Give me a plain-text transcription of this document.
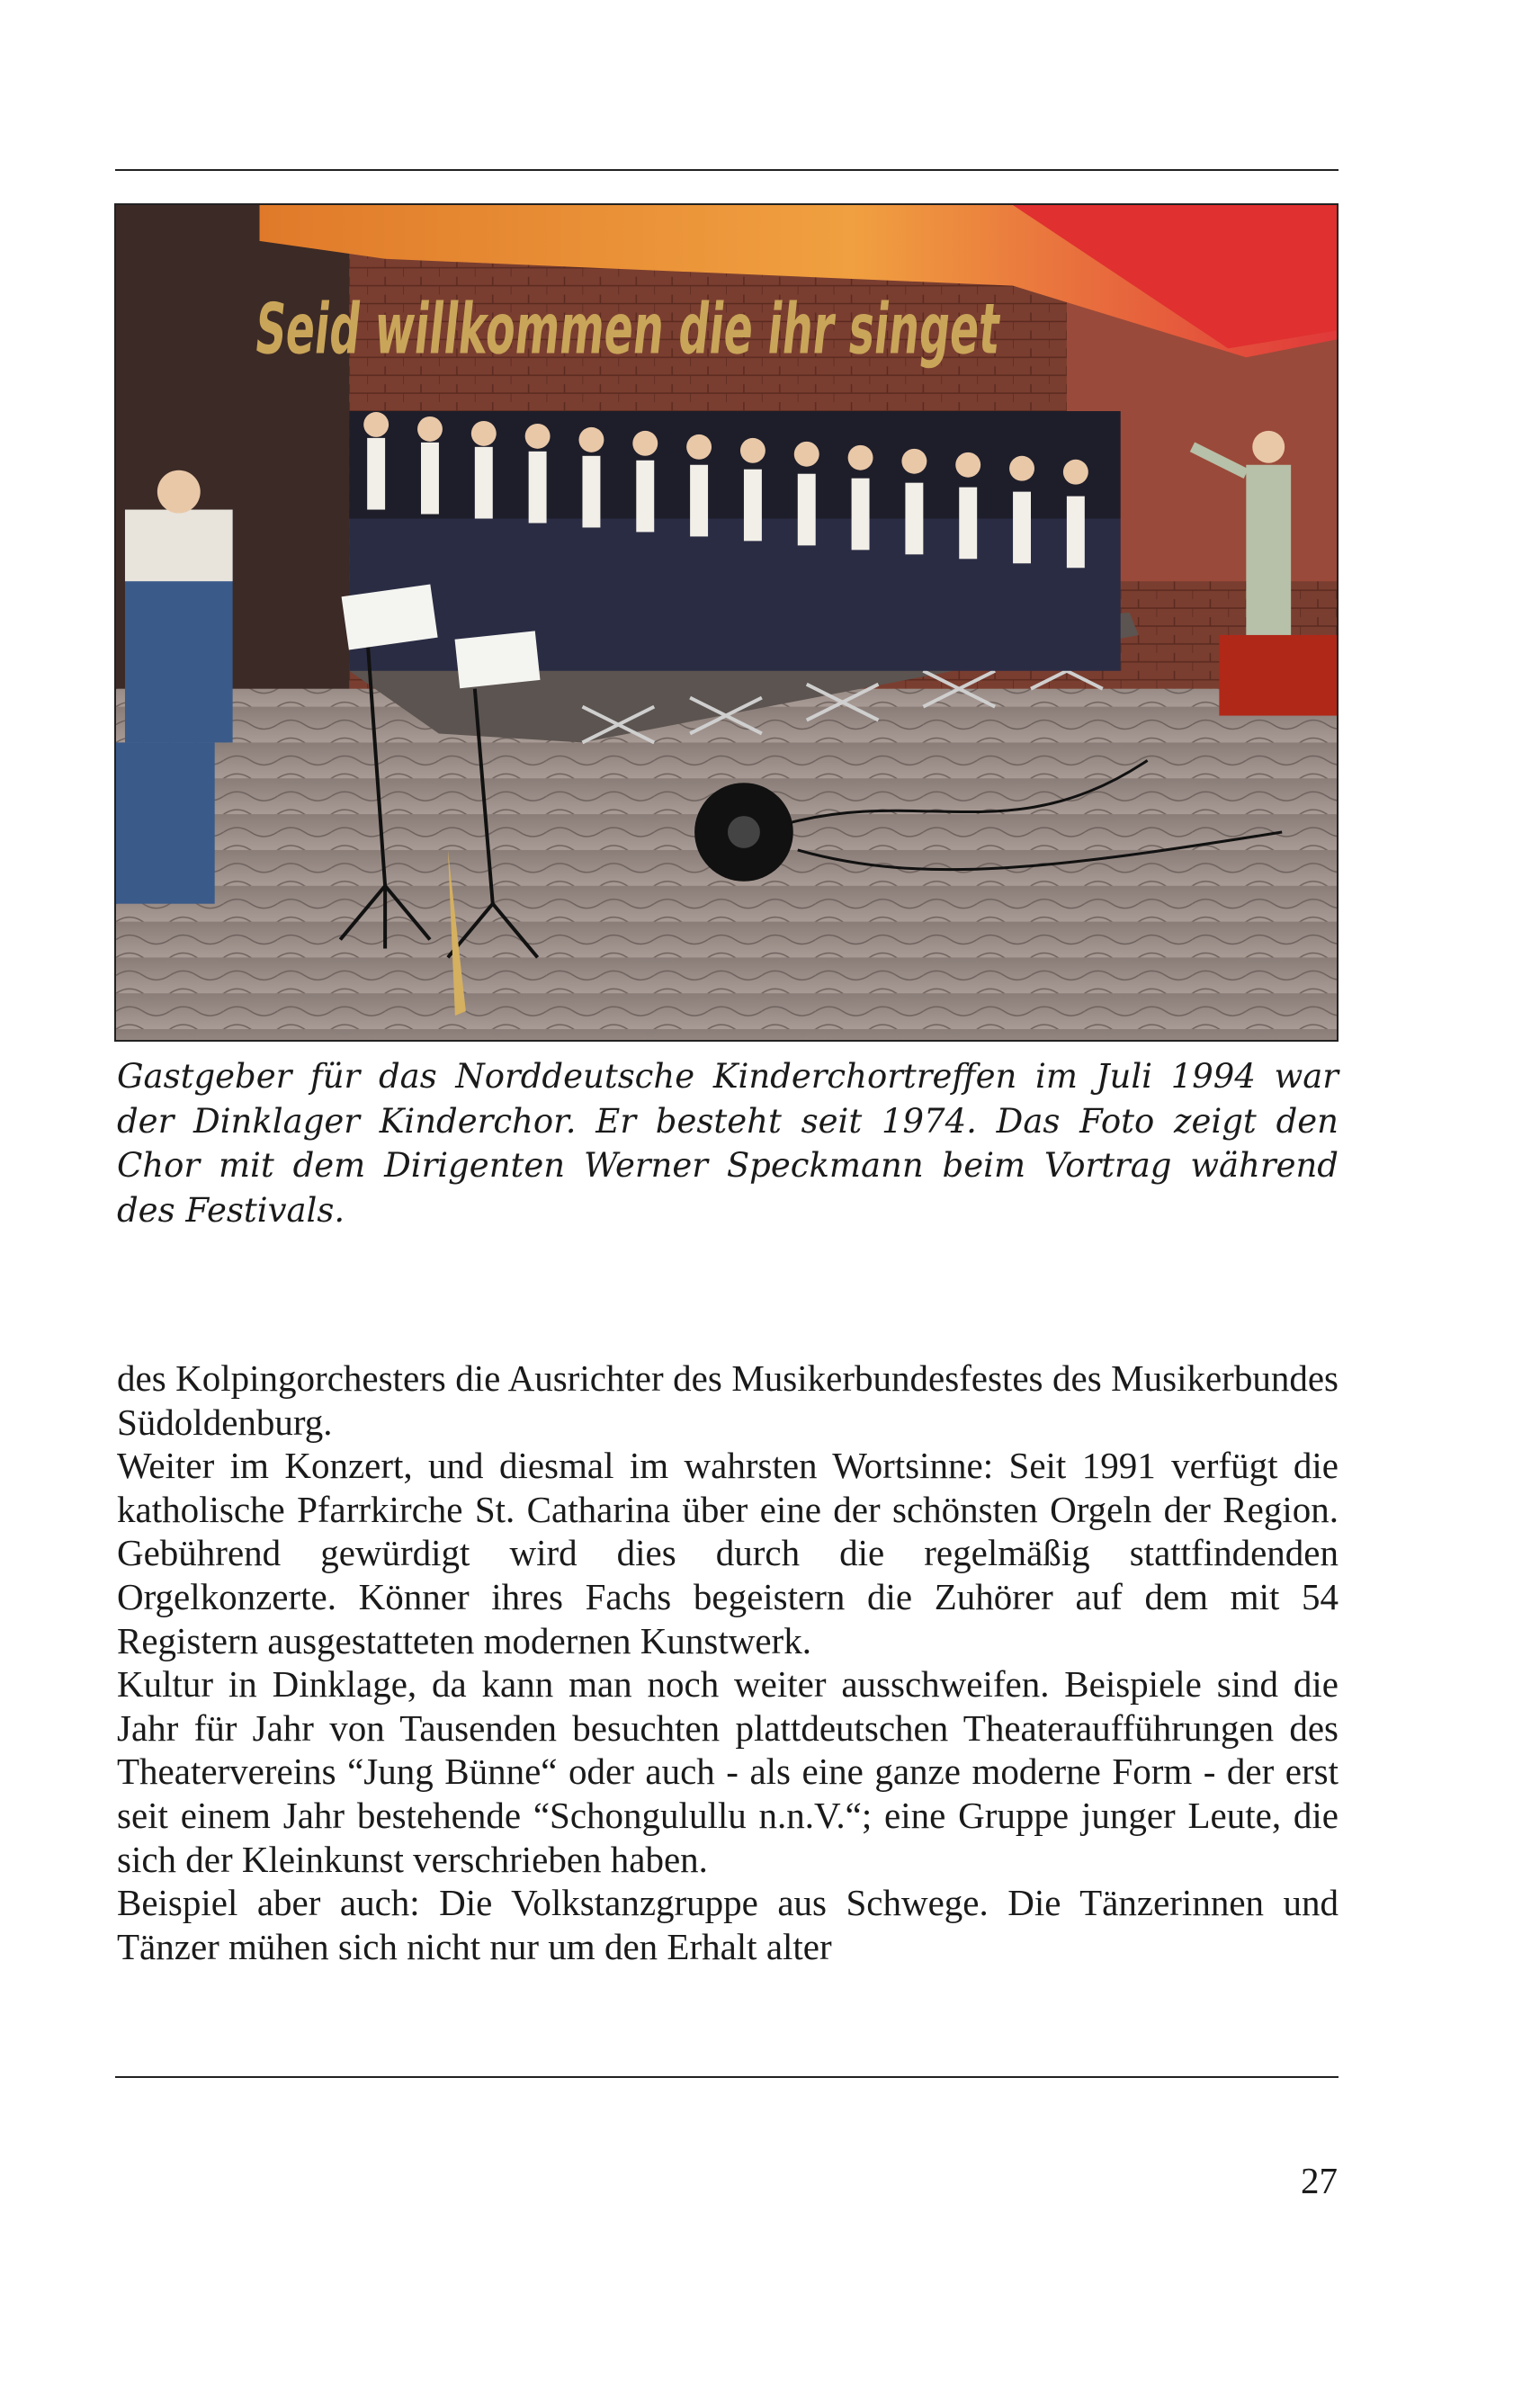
Seid willkommen die ihr singet

Gastgeber für das Norddeutsche Kinderchortreffen im Juli 1994 war der Dinklager Kinderchor. Er besteht seit 1974. Das Foto zeigt den Chor mit dem Dirigenten Werner Speckmann beim Vortrag während des Festivals.

des Kolpingorchesters die Ausrichter des Musikerbundesfestes des Musikerbundes Südoldenburg.

Weiter im Konzert, und diesmal im wahrsten Wortsinne: Seit 1991 verfügt die katholische Pfarrkirche St. Catharina über eine der schönsten Orgeln der Region. Gebührend gewürdigt wird dies durch die regelmäßig stattfindenden Orgelkonzerte. Könner ihres Fachs begeistern die Zuhörer auf dem mit 54 Registern ausgestatteten modernen Kunstwerk.

Kultur in Dinklage, da kann man noch weiter ausschweifen. Beispiele sind die Jahr für Jahr von Tausenden besuchten plattdeutschen Theateraufführungen des Theatervereins “Jung Bünne“ oder auch - als eine ganze moderne Form - der erst seit einem Jahr bestehende “Schongulullu n.n.V.“; eine Gruppe junger Leute, die sich der Kleinkunst verschrieben haben.

Beispiel aber auch: Die Volkstanzgruppe aus Schwege. Die Tänzerinnen und Tänzer mühen sich nicht nur um den Erhalt alter

27
